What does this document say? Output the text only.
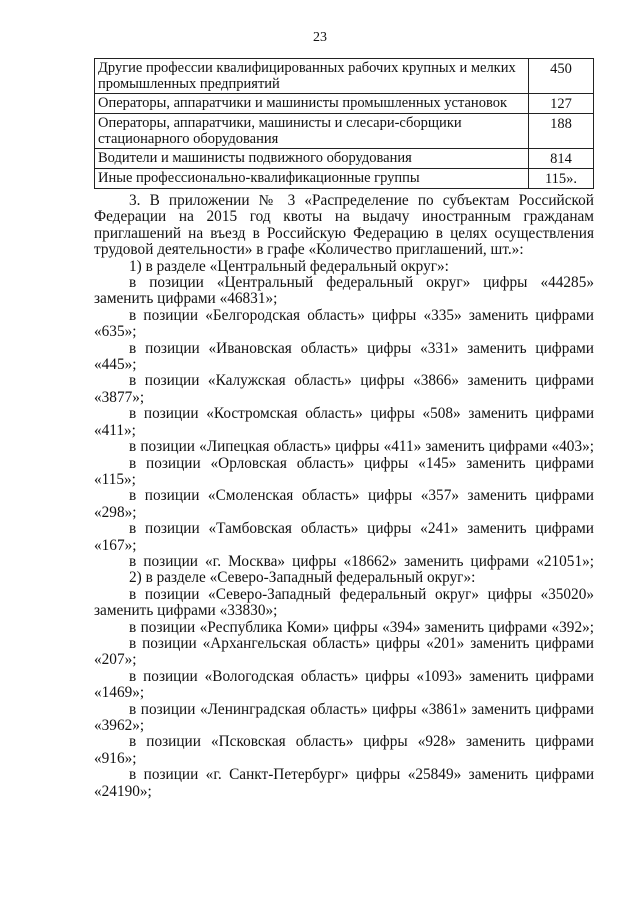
23
Другие профессии квалифицированных рабочих крупных и мелких промышленных предприятий	450
Операторы, аппаратчики и машинисты промышленных установок	127
Операторы, аппаратчики, машинисты и слесари-сборщики стационарного оборудования	188
Водители и машинисты подвижного оборудования	814
Иные профессионально-квалификационные группы	115».

3. В приложении № 3 «Распределение по субъектам Российской

Федерации на 2015 год квоты на выдачу иностранным гражданам

приглашений на въезд в Российскую Федерацию в целях осуществления

трудовой деятельности» в графе «Количество приглашений, шт.»:

1) в разделе «Центральный федеральный округ»:

в позиции «Центральный федеральный округ» цифры «44285»

заменить цифрами «46831»;

в позиции «Белгородская область» цифры «335» заменить цифрами

«635»;

в позиции «Ивановская область» цифры «331» заменить цифрами

«445»;

в позиции «Калужская область» цифры «3866» заменить цифрами

«3877»;

в позиции «Костромская область» цифры «508» заменить цифрами

«411»;

в позиции «Липецкая область» цифры «411» заменить цифрами «403»;

в позиции «Орловская область» цифры «145» заменить цифрами «115»;

в позиции «Смоленская область» цифры «357» заменить цифрами

«298»;

в позиции «Тамбовская область» цифры «241» заменить цифрами

«167»;

в позиции «г. Москва» цифры «18662» заменить цифрами «21051»;

2) в разделе «Северо-Западный федеральный округ»:

в позиции «Северо-Западный федеральный округ» цифры «35020»

заменить цифрами «33830»;

в позиции «Республика Коми» цифры «394» заменить цифрами «392»;

в позиции «Архангельская область» цифры «201» заменить цифрами

«207»;

в позиции «Вологодская область» цифры «1093» заменить цифрами

«1469»;

в позиции «Ленинградская область» цифры «3861» заменить цифрами

«3962»;

в позиции «Псковская область» цифры «928» заменить цифрами «916»;

в позиции «г. Санкт-Петербург» цифры «25849» заменить цифрами

«24190»;
